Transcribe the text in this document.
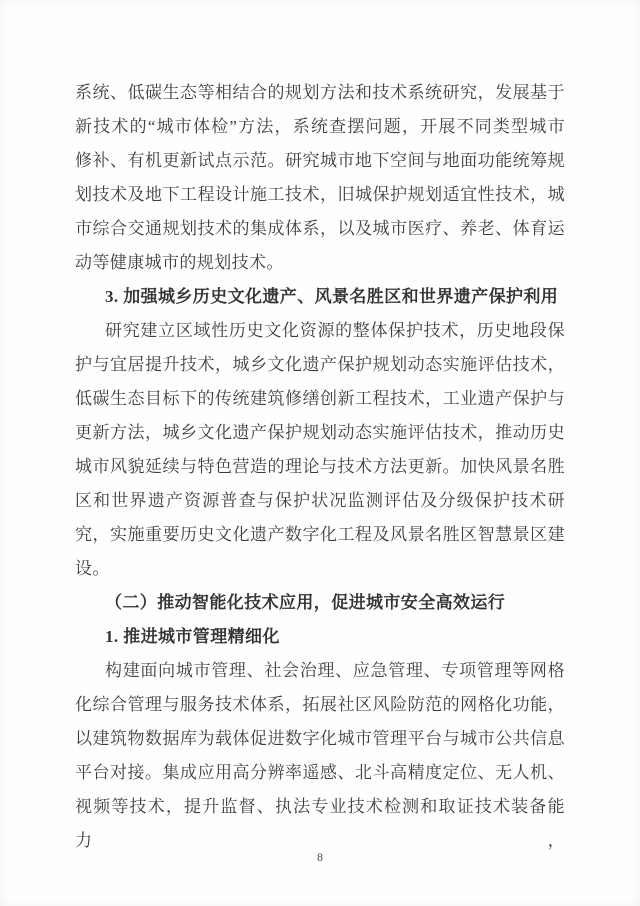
系统、低碳生态等相结合的规划方法和技术系统研究，发展基于
新技术的“城市体检”方法，系统查摆问题，开展不同类型城市
修补、有机更新试点示范。研究城市地下空间与地面功能统筹规
划技术及地下工程设计施工技术，旧城保护规划适宜性技术，城
市综合交通规划技术的集成体系，以及城市医疗、养老、体育运
动等健康城市的规划技术。
3. 加强城乡历史文化遗产、风景名胜区和世界遗产保护利用
研究建立区域性历史文化资源的整体保护技术，历史地段保
护与宜居提升技术，城乡文化遗产保护规划动态实施评估技术，
低碳生态目标下的传统建筑修缮创新工程技术，工业遗产保护与
更新方法，城乡文化遗产保护规划动态实施评估技术，推动历史
城市风貌延续与特色营造的理论与技术方法更新。加快风景名胜
区和世界遗产资源普查与保护状况监测评估及分级保护技术研
究，实施重要历史文化遗产数字化工程及风景名胜区智慧景区建
设。
（二）推动智能化技术应用，促进城市安全高效运行
1. 推进城市管理精细化
构建面向城市管理、社会治理、应急管理、专项管理等网格
化综合管理与服务技术体系，拓展社区风险防范的网格化功能，
以建筑物数据库为载体促进数字化城市管理平台与城市公共信息
平台对接。集成应用高分辨率遥感、北斗高精度定位、无人机、
视频等技术，提升监督、执法专业技术检测和取证技术装备能力，
8
